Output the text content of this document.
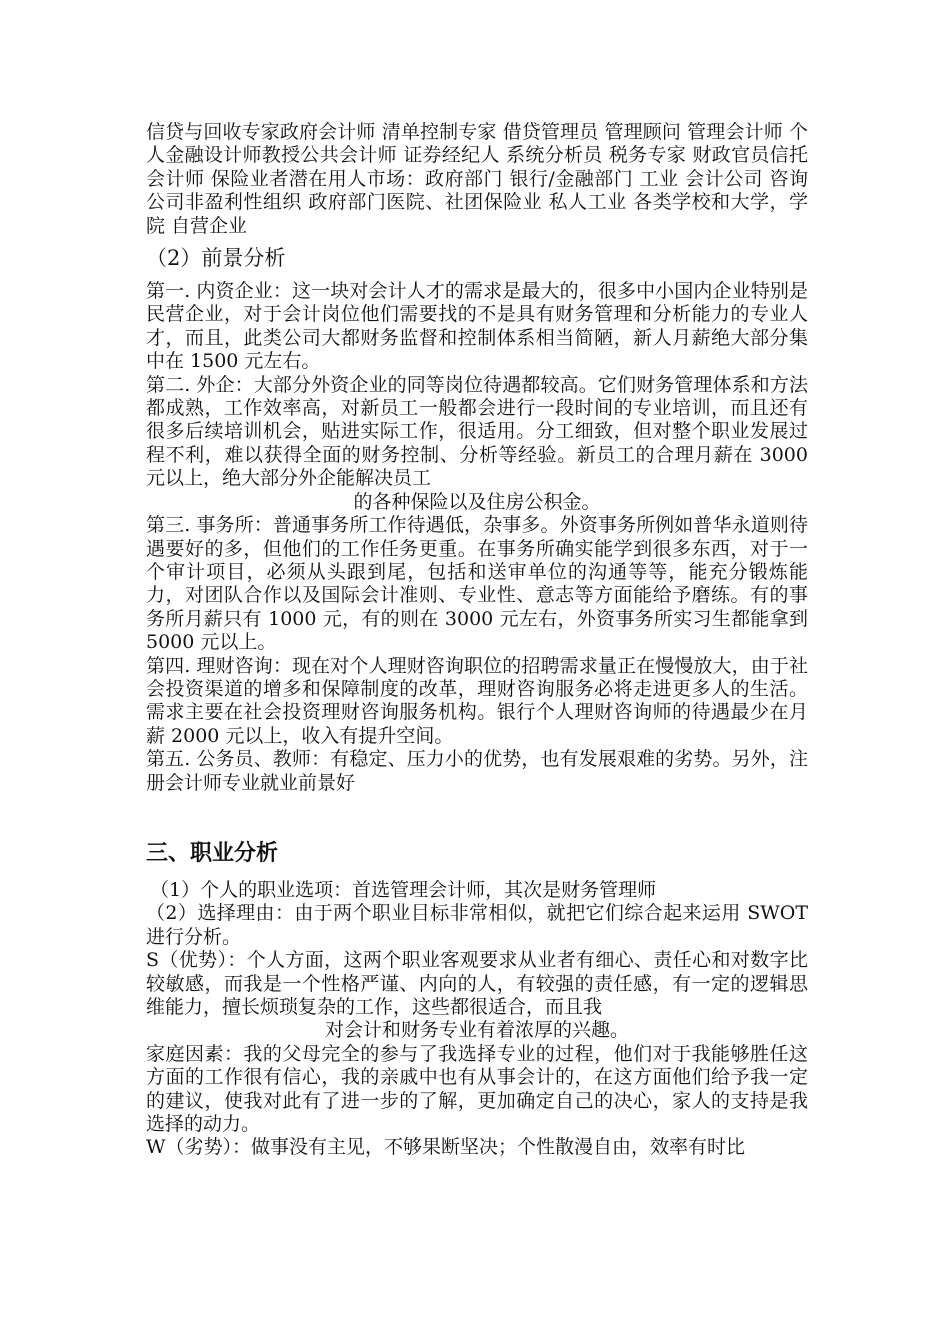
信贷与回收专家政府会计师 清单控制专家 借贷管理员 管理顾问 管理会计师 个人金融设计师教授公共会计师 证券经纪人 系统分析员 税务专家 财政官员信托会计师 保险业者潜在用人市场：政府部门 银行/金融部门 工业 会计公司 咨询公司非盈利性组织 政府部门医院、社团保险业 私人工业 各类学校和大学，学院 自营企业

（2）前景分析

第一. 内资企业：这一块对会计人才的需求是最大的，很多中小国内企业特别是民营企业，对于会计岗位他们需要找的不是具有财务管理和分析能力的专业人才，而且，此类公司大都财务监督和控制体系相当简陋，新人月薪绝大部分集中在 1500 元左右。

第二. 外企：大部分外资企业的同等岗位待遇都较高。它们财务管理体系和方法都成熟，工作效率高，对新员工一般都会进行一段时间的专业培训，而且还有很多后续培训机会，贴进实际工作，很适用。分工细致，但对整个职业发展过程不利，难以获得全面的财务控制、分析等经验。新员工的合理月薪在 3000 元以上，绝大部分外企能解决员工

的各种保险以及住房公积金。

第三. 事务所：普通事务所工作待遇低，杂事多。外资事务所例如普华永道则待遇要好的多，但他们的工作任务更重。在事务所确实能学到很多东西，对于一个审计项目，必须从头跟到尾，包括和送审单位的沟通等等，能充分锻炼能力，对团队合作以及国际会计准则、专业性、意志等方面能给予磨练。有的事务所月薪只有 1000 元，有的则在 3000 元左右，外资事务所实习生都能拿到 5000 元以上。

第四. 理财咨询：现在对个人理财咨询职位的招聘需求量正在慢慢放大，由于社会投资渠道的增多和保障制度的改革，理财咨询服务必将走进更多人的生活。需求主要在社会投资理财咨询服务机构。银行个人理财咨询师的待遇最少在月薪 2000 元以上，收入有提升空间。

第五. 公务员、教师：有稳定、压力小的优势，也有发展艰难的劣势。另外，注册会计师专业就业前景好

三、职业分析

（1）个人的职业选项：首选管理会计师，其次是财务管理师

（2）选择理由：由于两个职业目标非常相似，就把它们综合起来运用 SWOT 进行分析。

S（优势）：个人方面，这两个职业客观要求从业者有细心、责任心和对数字比较敏感，而我是一个性格严谨、内向的人，有较强的责任感，有一定的逻辑思维能力，擅长烦琐复杂的工作，这些都很适合，而且我

对会计和财务专业有着浓厚的兴趣。

家庭因素：我的父母完全的参与了我选择专业的过程，他们对于我能够胜任这方面的工作很有信心，我的亲戚中也有从事会计的，在这方面他们给予我一定的建议，使我对此有了进一步的了解，更加确定自己的决心，家人的支持是我选择的动力。

W（劣势）：做事没有主见，不够果断坚决；个性散漫自由，效率有时比
